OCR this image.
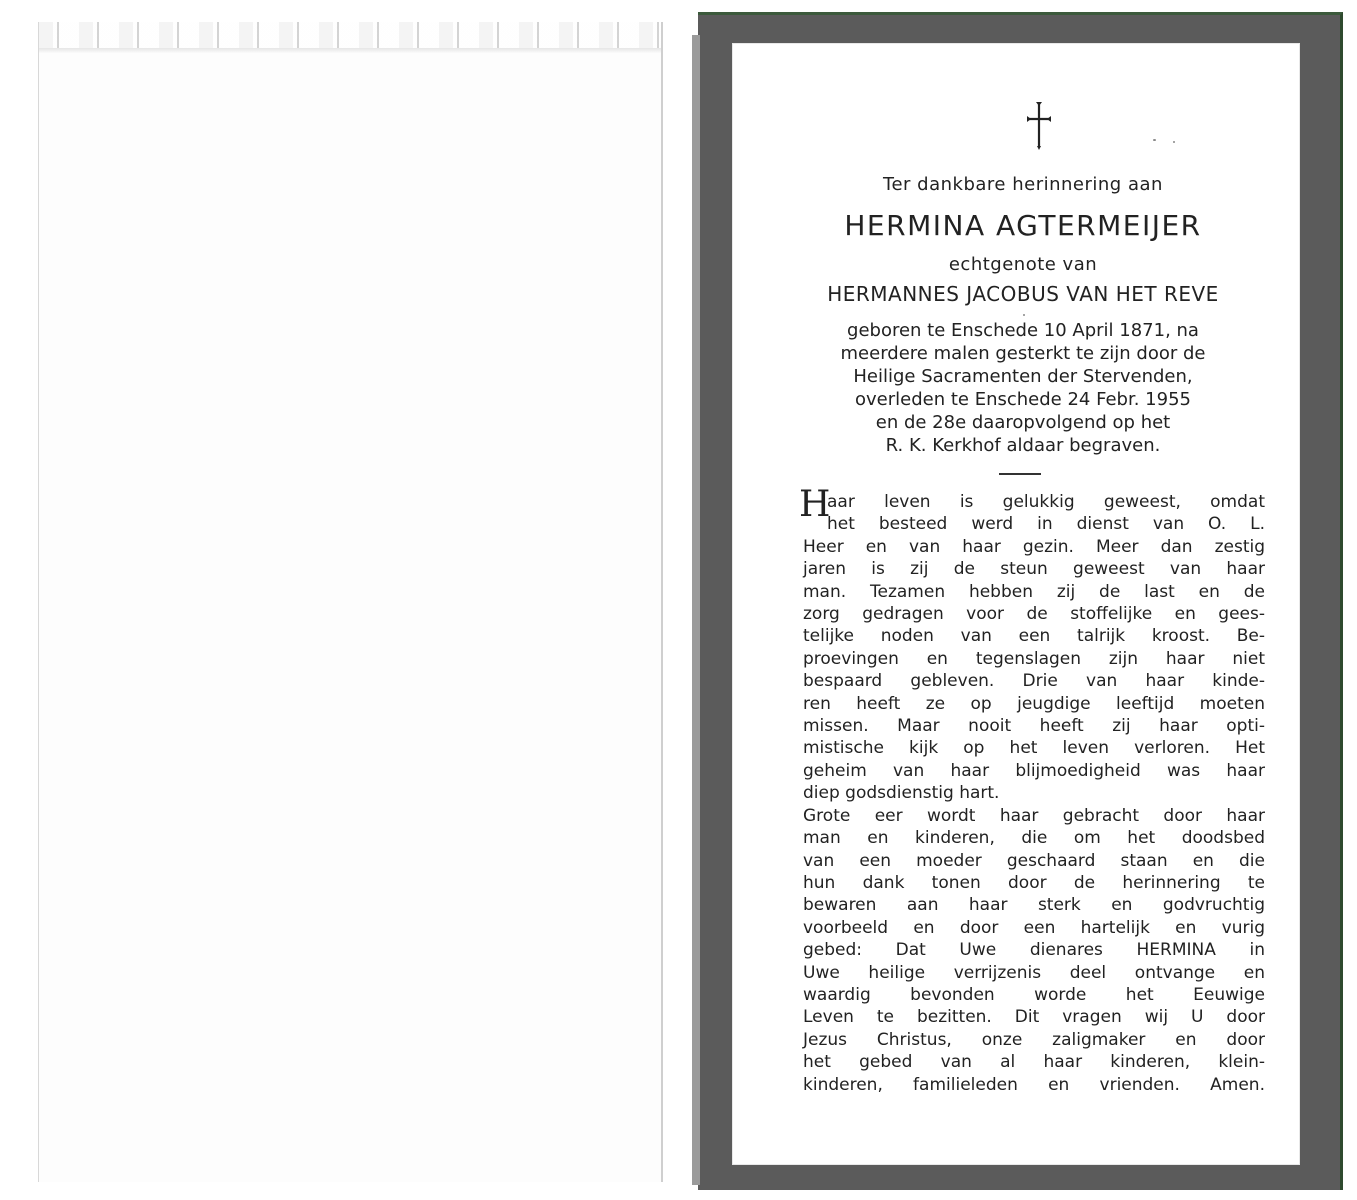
Ter dankbare herinnering aan
HERMINA AGTERMEIJER
echtgenote van
HERMANNES JACOBUS VAN HET REVE
geboren te Enschede 10 April 1871, na
meerdere malen gesterkt te zijn door de
Heilige Sacramenten der Stervenden,
overleden te Enschede 24 Febr. 1955
en de 28e daaropvolgend op het
R. K. Kerkhof aldaar begraven.
H
aar leven is gelukkig geweest, omdat
het besteed werd in dienst van O. L.
Heer en van haar gezin. Meer dan zestig
jaren is zij de steun geweest van haar
man. Tezamen hebben zij de last en de
zorg gedragen voor de stoffelijke en gees-
telijke noden van een talrijk kroost. Be-
proevingen en tegenslagen zijn haar niet
bespaard gebleven. Drie van haar kinde-
ren heeft ze op jeugdige leeftijd moeten
missen. Maar nooit heeft zij haar opti-
mistische kijk op het leven verloren. Het
geheim van haar blijmoedigheid was haar
diep godsdienstig hart.
Grote eer wordt haar gebracht door haar
man en kinderen, die om het doodsbed
van een moeder geschaard staan en die
hun dank tonen door de herinnering te
bewaren aan haar sterk en godvruchtig
voorbeeld en door een hartelijk en vurig
gebed: Dat Uwe dienares HERMINA in
Uwe heilige verrijzenis deel ontvange en
waardig bevonden worde het Eeuwige
Leven te bezitten. Dit vragen wij U door
Jezus Christus, onze zaligmaker en door
het gebed van al haar kinderen, klein-
kinderen, familieleden en vrienden. Amen.
